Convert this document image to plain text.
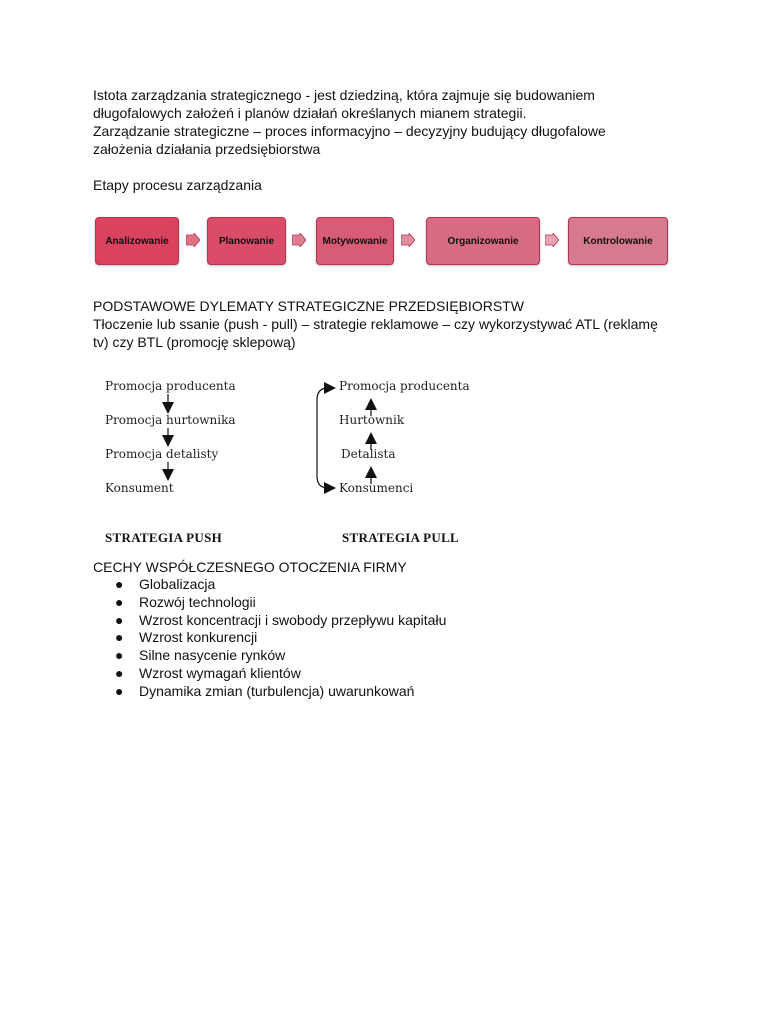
Istota zarządzania strategicznego - jest dziedziną, która zajmuje się budowaniem

długofalowych założeń i planów działań określanych mianem strategii.

Zarządzanie strategiczne – proces informacyjno – decyzyjny budujący długofalowe

założenia działania przedsiębiorstwa

Etapy procesu zarządzania

Analizowanie	Planowanie	Motywowanie	Organizowanie	Kontrolowanie

PODSTAWOWE DYLEMATY STRATEGICZNE PRZEDSIĘBIORSTW

Tłoczenie lub ssanie (push - pull) – strategie reklamowe – czy wykorzystywać ATL (reklamę

tv) czy BTL (promocję sklepową)

Promocja producenta
Promocja hurtownika
Promocja detalisty
Konsument
STRATEGIA PUSH
Promocja producenta
Hurtownik
Detalista
Konsumenci
STRATEGIA PULL

CECHY WSPÓŁCZESNEGO OTOCZENIA FIRMY

● Globalizacja
● Rozwój technologii
● Wzrost koncentracji i swobody przepływu kapitału
● Wzrost konkurencji
● Silne nasycenie rynków
● Wzrost wymagań klientów
● Dynamika zmian (turbulencja) uwarunkowań
